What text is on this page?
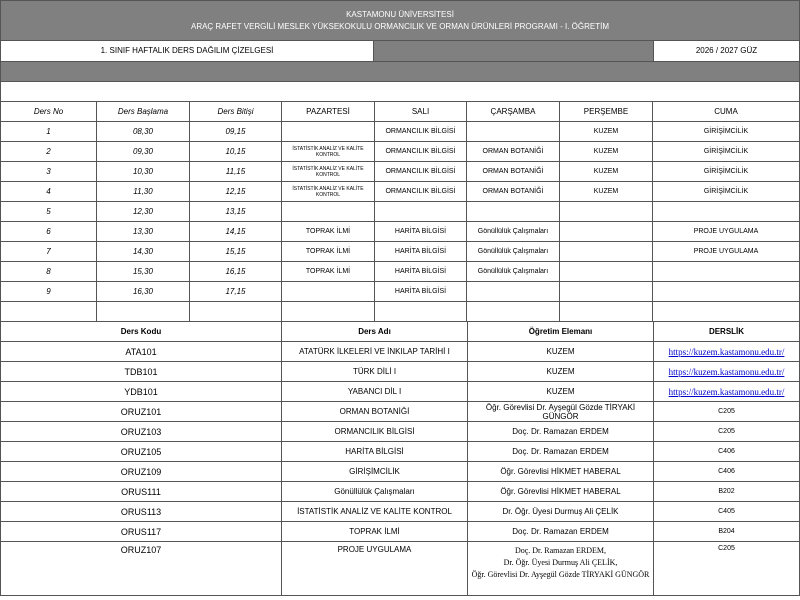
KASTAMONU ÜNİVERSİTESİ
ARAÇ RAFET VERGİLİ MESLEK YÜKSEKOKULU ORMANCILIK VE ORMAN ÜRÜNLERİ PROGRAMI - I. ÖĞRETİM
1. SINIF HAFTALIK DERS DAĞILIM ÇİZELGESİ	2026 / 2027 GÜZ
Ders No	Ders Başlama	Ders Bitişi	PAZARTESİ	SALI	ÇARŞAMBA	PERŞEMBE	CUMA
1	08,30	09,15		ORMANCILIK BİLGİSİ		KUZEM	GİRİŞİMCİLİK
2	09,30	10,15	İSTATİSTİK ANALİZ VE KALİTE KONTROL	ORMANCILIK BİLGİSİ	ORMAN BOTANİĞİ	KUZEM	GİRİŞİMCİLİK
3	10,30	11,15	İSTATİSTİK ANALİZ VE KALİTE KONTROL	ORMANCILIK BİLGİSİ	ORMAN BOTANİĞİ	KUZEM	GİRİŞİMCİLİK
4	11,30	12,15	İSTATİSTİK ANALİZ VE KALİTE KONTROL	ORMANCILIK BİLGİSİ	ORMAN BOTANİĞİ	KUZEM	GİRİŞİMCİLİK
5	12,30	13,15					
6	13,30	14,15	TOPRAK İLMİ	HARİTA BİLGİSİ	Gönüllülük Çalışmaları		PROJE UYGULAMA
7	14,30	15,15	TOPRAK İLMİ	HARİTA BİLGİSİ	Gönüllülük Çalışmaları		PROJE UYGULAMA
8	15,30	16,15	TOPRAK İLMİ	HARİTA BİLGİSİ	Gönüllülük Çalışmaları		
9	16,30	17,15		HARİTA BİLGİSİ			

Ders Kodu	Ders Adı	Öğretim Elemanı	DERSLİK
ATA101	ATATÜRK İLKELERİ VE İNKILAP TARİHİ I	KUZEM	https://kuzem.kastamonu.edu.tr/
TDB101	TÜRK DİLİ I	KUZEM	https://kuzem.kastamonu.edu.tr/
YDB101	YABANCI DİL I	KUZEM	https://kuzem.kastamonu.edu.tr/
ORUZ101	ORMAN BOTANİĞİ	Öğr. Görevlisi Dr. Ayşegül Gözde TİRYAKİ GÜNGÖR	C205
ORUZ103	ORMANCILIK BİLGİSİ	Doç. Dr. Ramazan ERDEM	C205
ORUZ105	HARİTA BİLGİSİ	Doç. Dr. Ramazan ERDEM	C406
ORUZ109	GİRİŞİMCİLİK	Öğr. Görevlisi HİKMET HABERAL	C406
ORUS111	Gönüllülük Çalışmaları	Öğr. Görevlisi HİKMET HABERAL	B202
ORUS113	İSTATİSTİK ANALİZ VE KALİTE KONTROL	Dr. Öğr. Üyesi Durmuş Ali ÇELİK	C405
ORUS117	TOPRAK İLMİ	Doç. Dr. Ramazan ERDEM	B204
ORUZ107	PROJE UYGULAMA	Doç. Dr. Ramazan ERDEM,
Dr. Öğr. Üyesi Durmuş Ali ÇELİK,
Öğr. Görevlisi Dr. Ayşegül Gözde TİRYAKİ GÜNGÖR	C205
